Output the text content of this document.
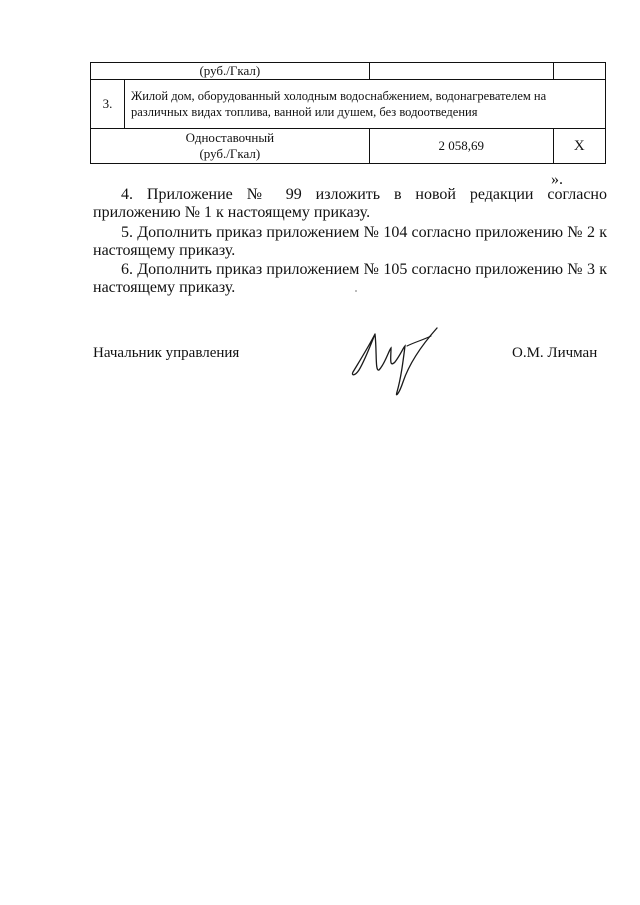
(руб./Гкал)			
3.	Жилой дом, оборудованный холодным водоснабжением, водонагревателем на различных видах топлива, ванной или душем, без водоотведения		

Одноставочный
(руб./Гкал)		2 058,69	Х
».

4. Приложение № 99 изложить в новой редакции согласно приложению № 1 к настоящему приказу.

5. Дополнить приказ приложением № 104 согласно приложению № 2 к настоящему приказу.

6. Дополнить приказ приложением № 105 согласно приложению № 3 к настоящему приказу.

Начальник управления	О.М. Личман
